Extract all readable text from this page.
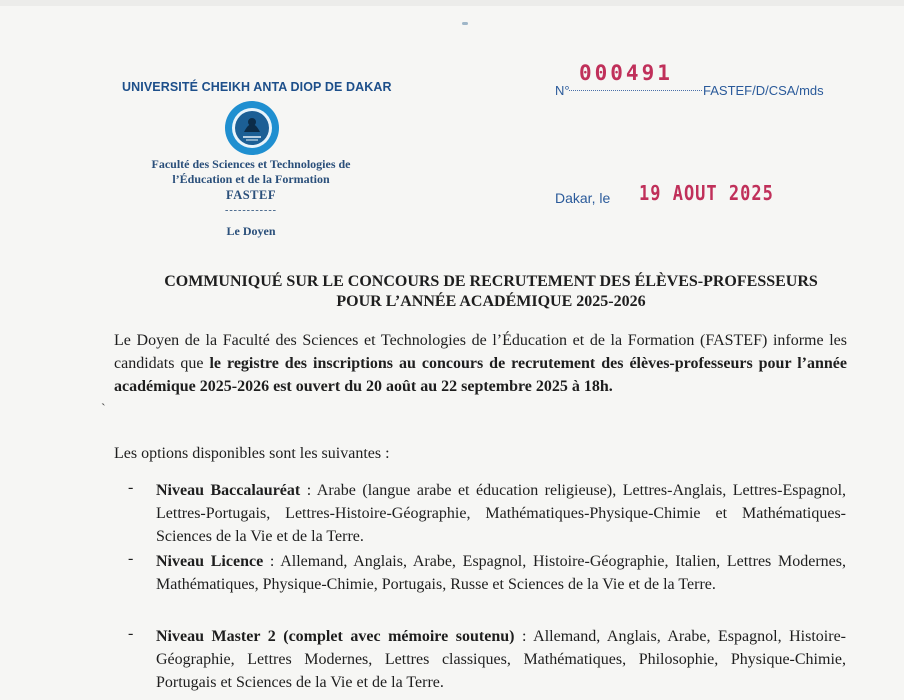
UNIVERSITÉ CHEIKH ANTA DIOP DE DAKAR
Faculté des Sciences et Technologies de
l’Éducation et de la Formation
FASTEF
------------
Le Doyen
N°
000491
FASTEF/D/CSA/mds
Dakar, le 19 AOUT 2025
COMMUNIQUÉ SUR LE CONCOURS DE RECRUTEMENT DES ÉLÈVES-PROFESSEURS
POUR L’ANNÉE ACADÉMIQUE 2025-2026
Le Doyen de la Faculté des Sciences et Technologies de l’Éducation et de la Formation (FASTEF) informe les candidats que le registre des inscriptions au concours de recrutement des élèves-professeurs pour l’année académique 2025-2026 est ouvert du 20 août au 22 septembre 2025 à 18h.
`
Les options disponibles sont les suivantes :
- Niveau Baccalauréat : Arabe (langue arabe et éducation religieuse), Lettres-Anglais, Lettres-Espagnol, Lettres-Portugais, Lettres-Histoire-Géographie, Mathématiques-Physique-Chimie et Mathématiques-Sciences de la Vie et de la Terre.
- Niveau Licence : Allemand, Anglais, Arabe, Espagnol, Histoire-Géographie, Italien, Lettres Modernes, Mathématiques, Physique-Chimie, Portugais, Russe et Sciences de la Vie et de la Terre.
- Niveau Master 2 (complet avec mémoire soutenu) : Allemand, Anglais, Arabe, Espagnol, Histoire-Géographie, Lettres Modernes, Lettres classiques, Mathématiques, Philosophie, Physique-Chimie, Portugais et Sciences de la Vie et de la Terre.
